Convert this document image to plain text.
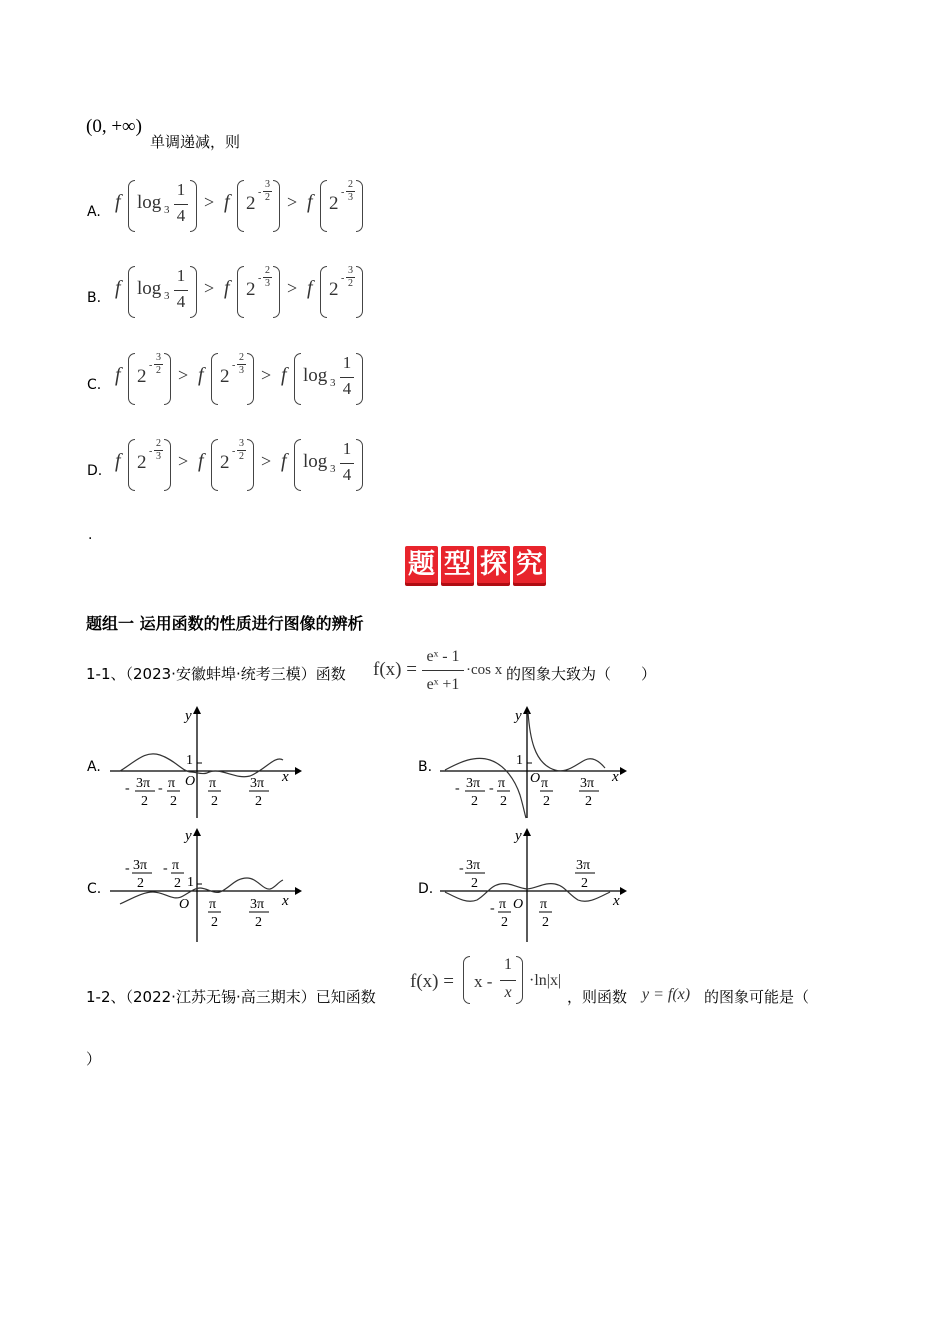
(0, +∞)
单调递减，则
A. f log 3
1
4
> f 2
-
3
2 > f 2
-
2
3
B. f log 3
1
4
> f 2
-
2
3 > f 2
-
3
2
C. f 2
-
3
2 > f 2
-
2
3 > f log 3
1
4
D. f 2
-
2
3 > f 2
-
3
2 > f log 3
1
4
.
题 型 探 究
题组一 运用函数的性质进行图像的辨析
1-1、（2023·安徽蚌埠·统考三模）函数 f(x) =
eˣ - 1
eˣ +1
·cos x 的图象大致为（　　）
A.	B.
C.	D.
y
x
O
1
- 3π
2
- π
2
π
2
3π
2
y
x
O
1
- 3π
2
- π
2
π
2
3π
2
y
x
O
1
- 3π
2
- π
2
π
2
3π
2
y
x
O
- 3π
2
- π
2
π
2
3π
2
1-2、（2022·江苏无锡·高三期末）已知函数
f(x) = x -
1
x
·ln|x|
，则函数 y = f(x) 的图象可能是（
）
